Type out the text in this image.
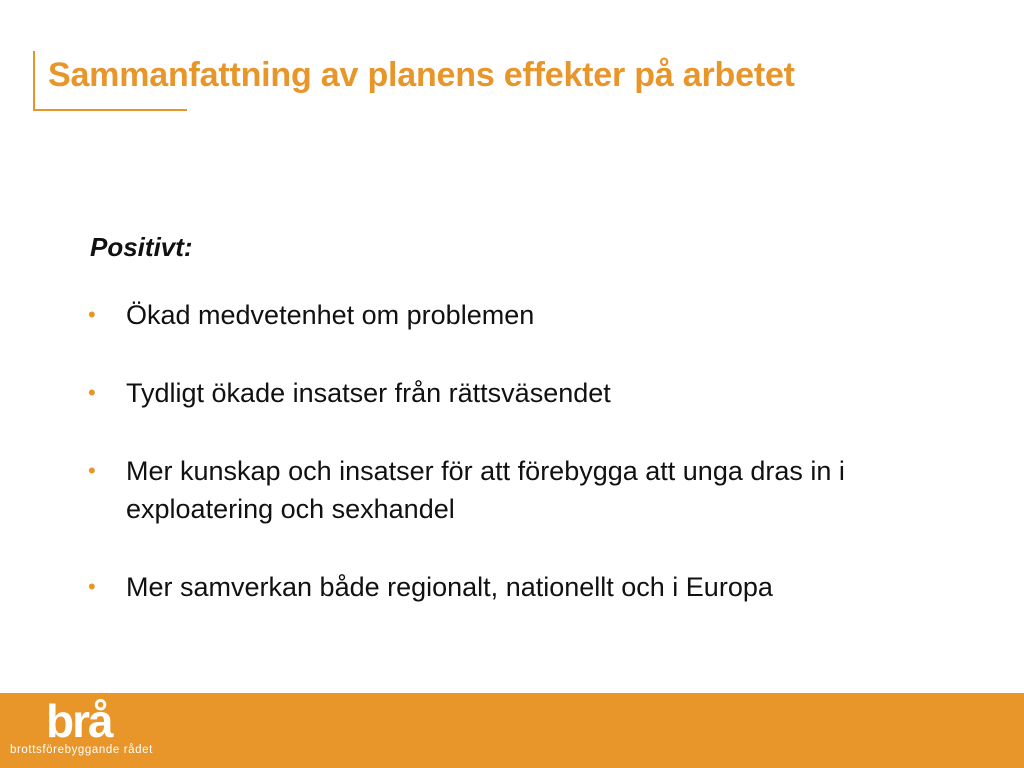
Sammanfattning av planens effekter på arbetet
Positivt:
• Ökad medvetenhet om problemen
• Tydligt ökade insatser från rättsväsendet
• Mer kunskap och insatser för att förebygga att unga dras in i exploatering och sexhandel
• Mer samverkan både regionalt, nationellt och i Europa
brå
brottsförebyggande rådet
